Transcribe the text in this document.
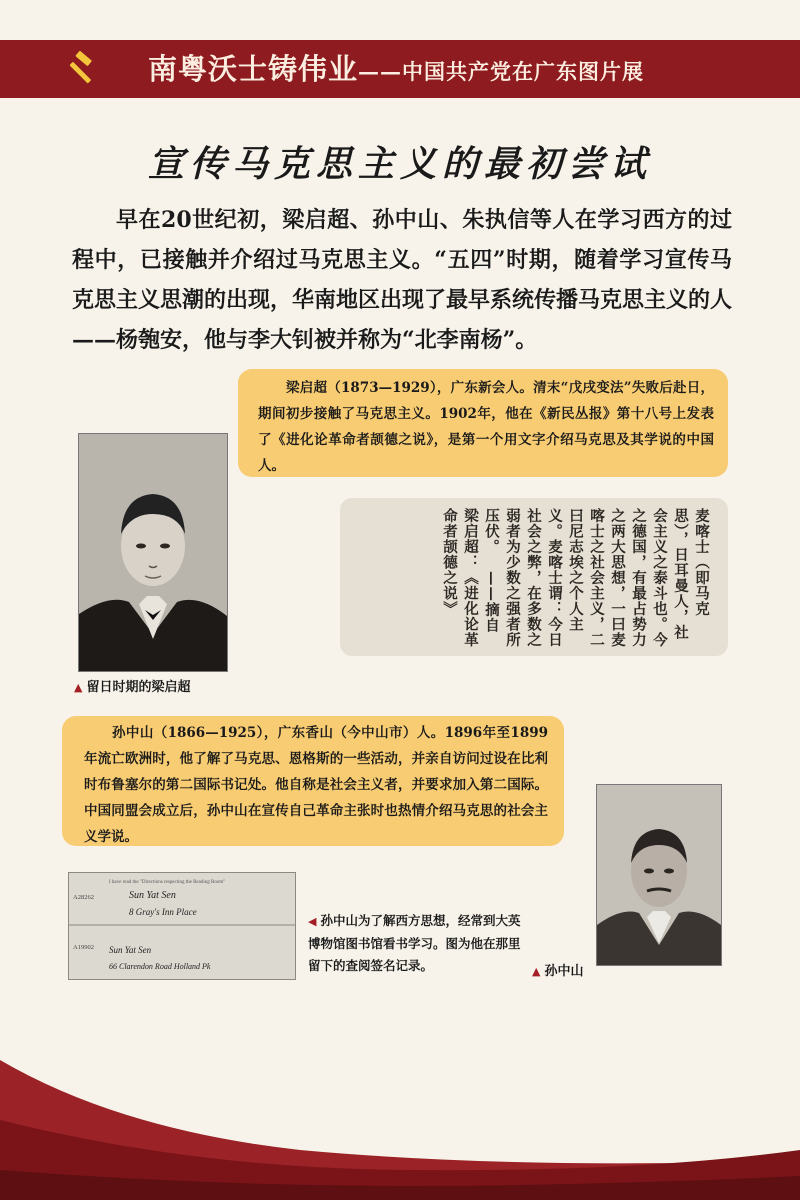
南粤沃士铸伟业——中国共产党在广东图片展
宣传马克思主义的最初尝试

早在20世纪初，梁启超、孙中山、朱执信等人在学习西方的过程中，已接触并介绍过马克思主义。“五四”时期，随着学习宣传马克思主义思潮的出现，华南地区出现了最早系统传播马克思主义的人——杨匏安，他与李大钊被并称为“北李南杨”。

梁启超（1873—1929），广东新会人。清末“戊戌变法”失败后赴日，期间初步接触了马克思主义。1902年，他在《新民丛报》第十八号上发表了《进化论革命者颉德之说》，是第一个用文字介绍马克思及其学说的中国人。

▲ 留日时期的梁启超
麦喀士（即马克思），日耳曼人，社会主义之泰斗也。今之德国，有最占势力之两大思想，一曰麦喀士之社会主义，二曰尼志埃之个人主义。麦喀士谓：今日社会之弊，在多数之弱者为少数之强者所压伏。 ——摘自梁启超：《进化论革命者颉德之说》

孙中山（1866—1925），广东香山（今中山市）人。1896年至1899年流亡欧洲时，他了解了马克思、恩格斯的一些活动，并亲自访问过设在比利时布鲁塞尔的第二国际书记处。他自称是社会主义者，并要求加入第二国际。中国同盟会成立后，孙中山在宣传自己革命主张时也热情介绍马克思的社会主义学说。

I have read the "Directions respecting the Reading Room"
A28262	Sun Yat Sen
8 Gray's Inn Place
A19902 Sun Yat Sen
66 Clarendon Road Holland Pk
◀ 孙中山为了解西方思想，经常到大英博物馆图书馆看书学习。图为他在那里留下的查阅签名记录。	▲ 孙中山
